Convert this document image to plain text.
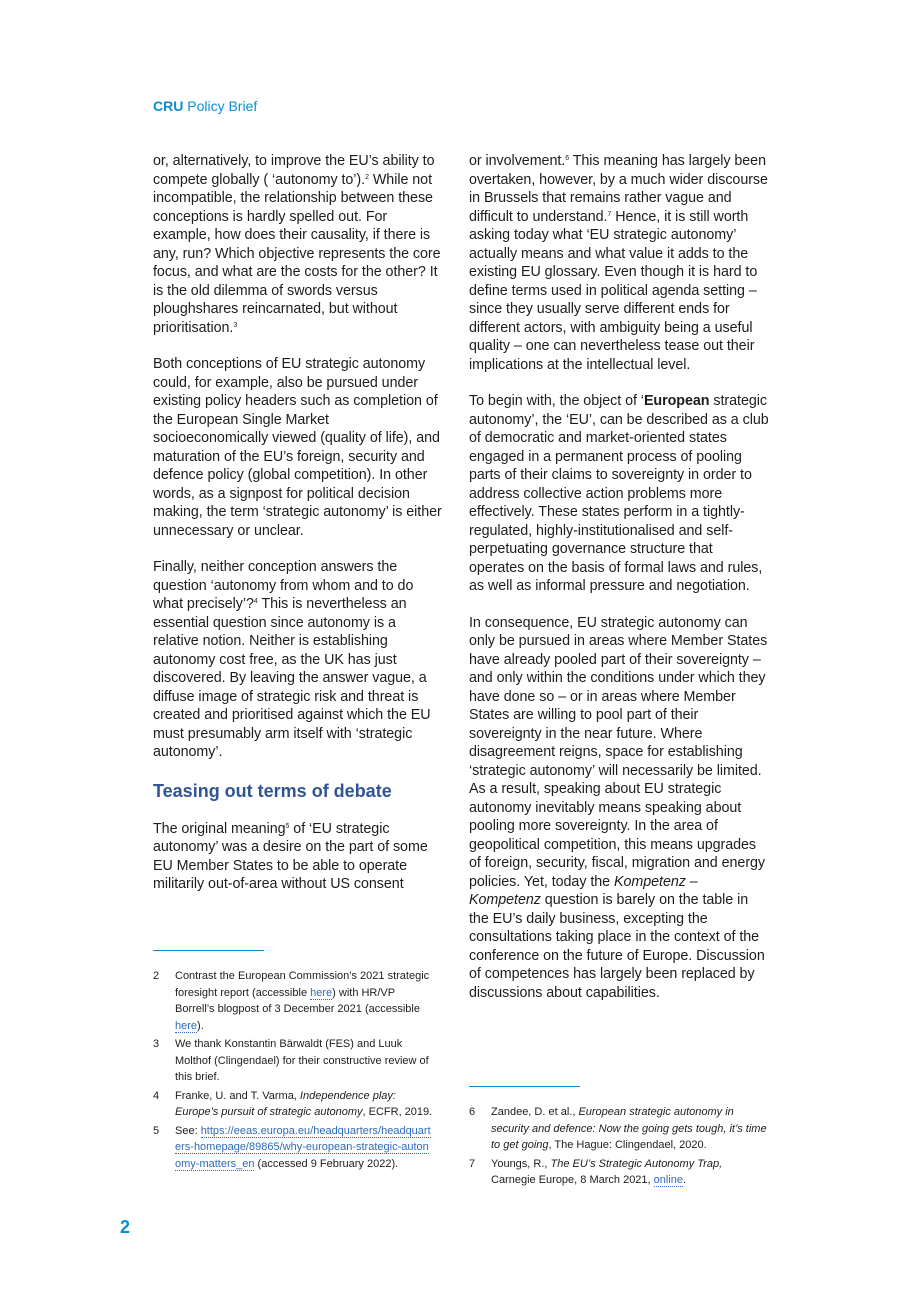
CRU Policy Brief

or, alternatively, to improve the EU’s ability to compete globally ( ‘autonomy to’).$^2$ While not incompatible, the relationship between these conceptions is hardly spelled out. For example, how does their causality, if there is any, run? Which objective represents the core focus, and what are the costs for the other? It is the old dilemma of swords versus ploughshares reincarnated, but without prioritisation.$^3$

Both conceptions of EU strategic autonomy could, for example, also be pursued under existing policy headers such as completion of the European Single Market socioeconomically viewed (quality of life), and maturation of the EU’s foreign, security and defence policy (global competition). In other words, as a signpost for political decision making, the term ‘strategic autonomy’ is either unnecessary or unclear.

Finally, neither conception answers the question ‘autonomy from whom and to do what precisely’?$^4$ This is nevertheless an essential question since autonomy is a relative notion. Neither is establishing autonomy cost free, as the UK has just discovered. By leaving the answer vague, a diffuse image of strategic risk and threat is created and prioritised against which the EU must presumably arm itself with ‘strategic autonomy’.

Teasing out terms of debate

The original meaning$^5$ of ‘EU strategic autonomy’ was a desire on the part of some EU Member States to be able to operate militarily out-of-area without US consent

or involvement.$^6$ This meaning has largely been overtaken, however, by a much wider discourse in Brussels that remains rather vague and difficult to understand.$^7$ Hence, it is still worth asking today what ‘EU strategic autonomy’ actually means and what value it adds to the existing EU glossary. Even though it is hard to define terms used in political agenda setting – since they usually serve different ends for different actors, with ambiguity being a useful quality – one can nevertheless tease out their implications at the intellectual level.

To begin with, the object of ‘European strategic autonomy’, the ‘EU’, can be described as a club of democratic and market-oriented states engaged in a permanent process of pooling parts of their claims to sovereignty in order to address collective action problems more effectively. These states perform in a tightly-regulated, highly-institutionalised and self-perpetuating governance structure that operates on the basis of formal laws and rules, as well as informal pressure and negotiation.

In consequence, EU strategic autonomy can only be pursued in areas where Member States have already pooled part of their sovereignty – and only within the conditions under which they have done so – or in areas where Member States are willing to pool part of their sovereignty in the near future. Where disagreement reigns, space for establishing ‘strategic autonomy’ will necessarily be limited. As a result, speaking about EU strategic autonomy inevitably means speaking about pooling more sovereignty. In the area of geopolitical competition, this means upgrades of foreign, security, fiscal, migration and energy policies. Yet, today the Kompetenz – Kompetenz question is barely on the table in the EU’s daily business, excepting the consultations taking place in the context of the conference on the future of Europe. Discussion of competences has largely been replaced by discussions about capabilities.

2	Contrast the European Commission’s 2021 strategic foresight report (accessible here) with HR/VP Borrell’s blogpost of 3 December 2021 (accessible here).
3	We thank Konstantin Bärwaldt (FES) and Luuk Molthof (Clingendael) for their constructive review of this brief.
4	Franke, U. and T. Varma, Independence play: Europe’s pursuit of strategic autonomy, ECFR, 2019.
5	See: https://eeas.europa.eu/headquarters/headquarters-homepage/89865/why-european-strategic-autonomy-matters_en (accessed 9 February 2022).
6	Zandee, D. et al., European strategic autonomy in security and defence: Now the going gets tough, it’s time to get going, The Hague: Clingendael, 2020.
7	Youngs, R., The EU’s Strategic Autonomy Trap, Carnegie Europe, 8 March 2021, online.
2
